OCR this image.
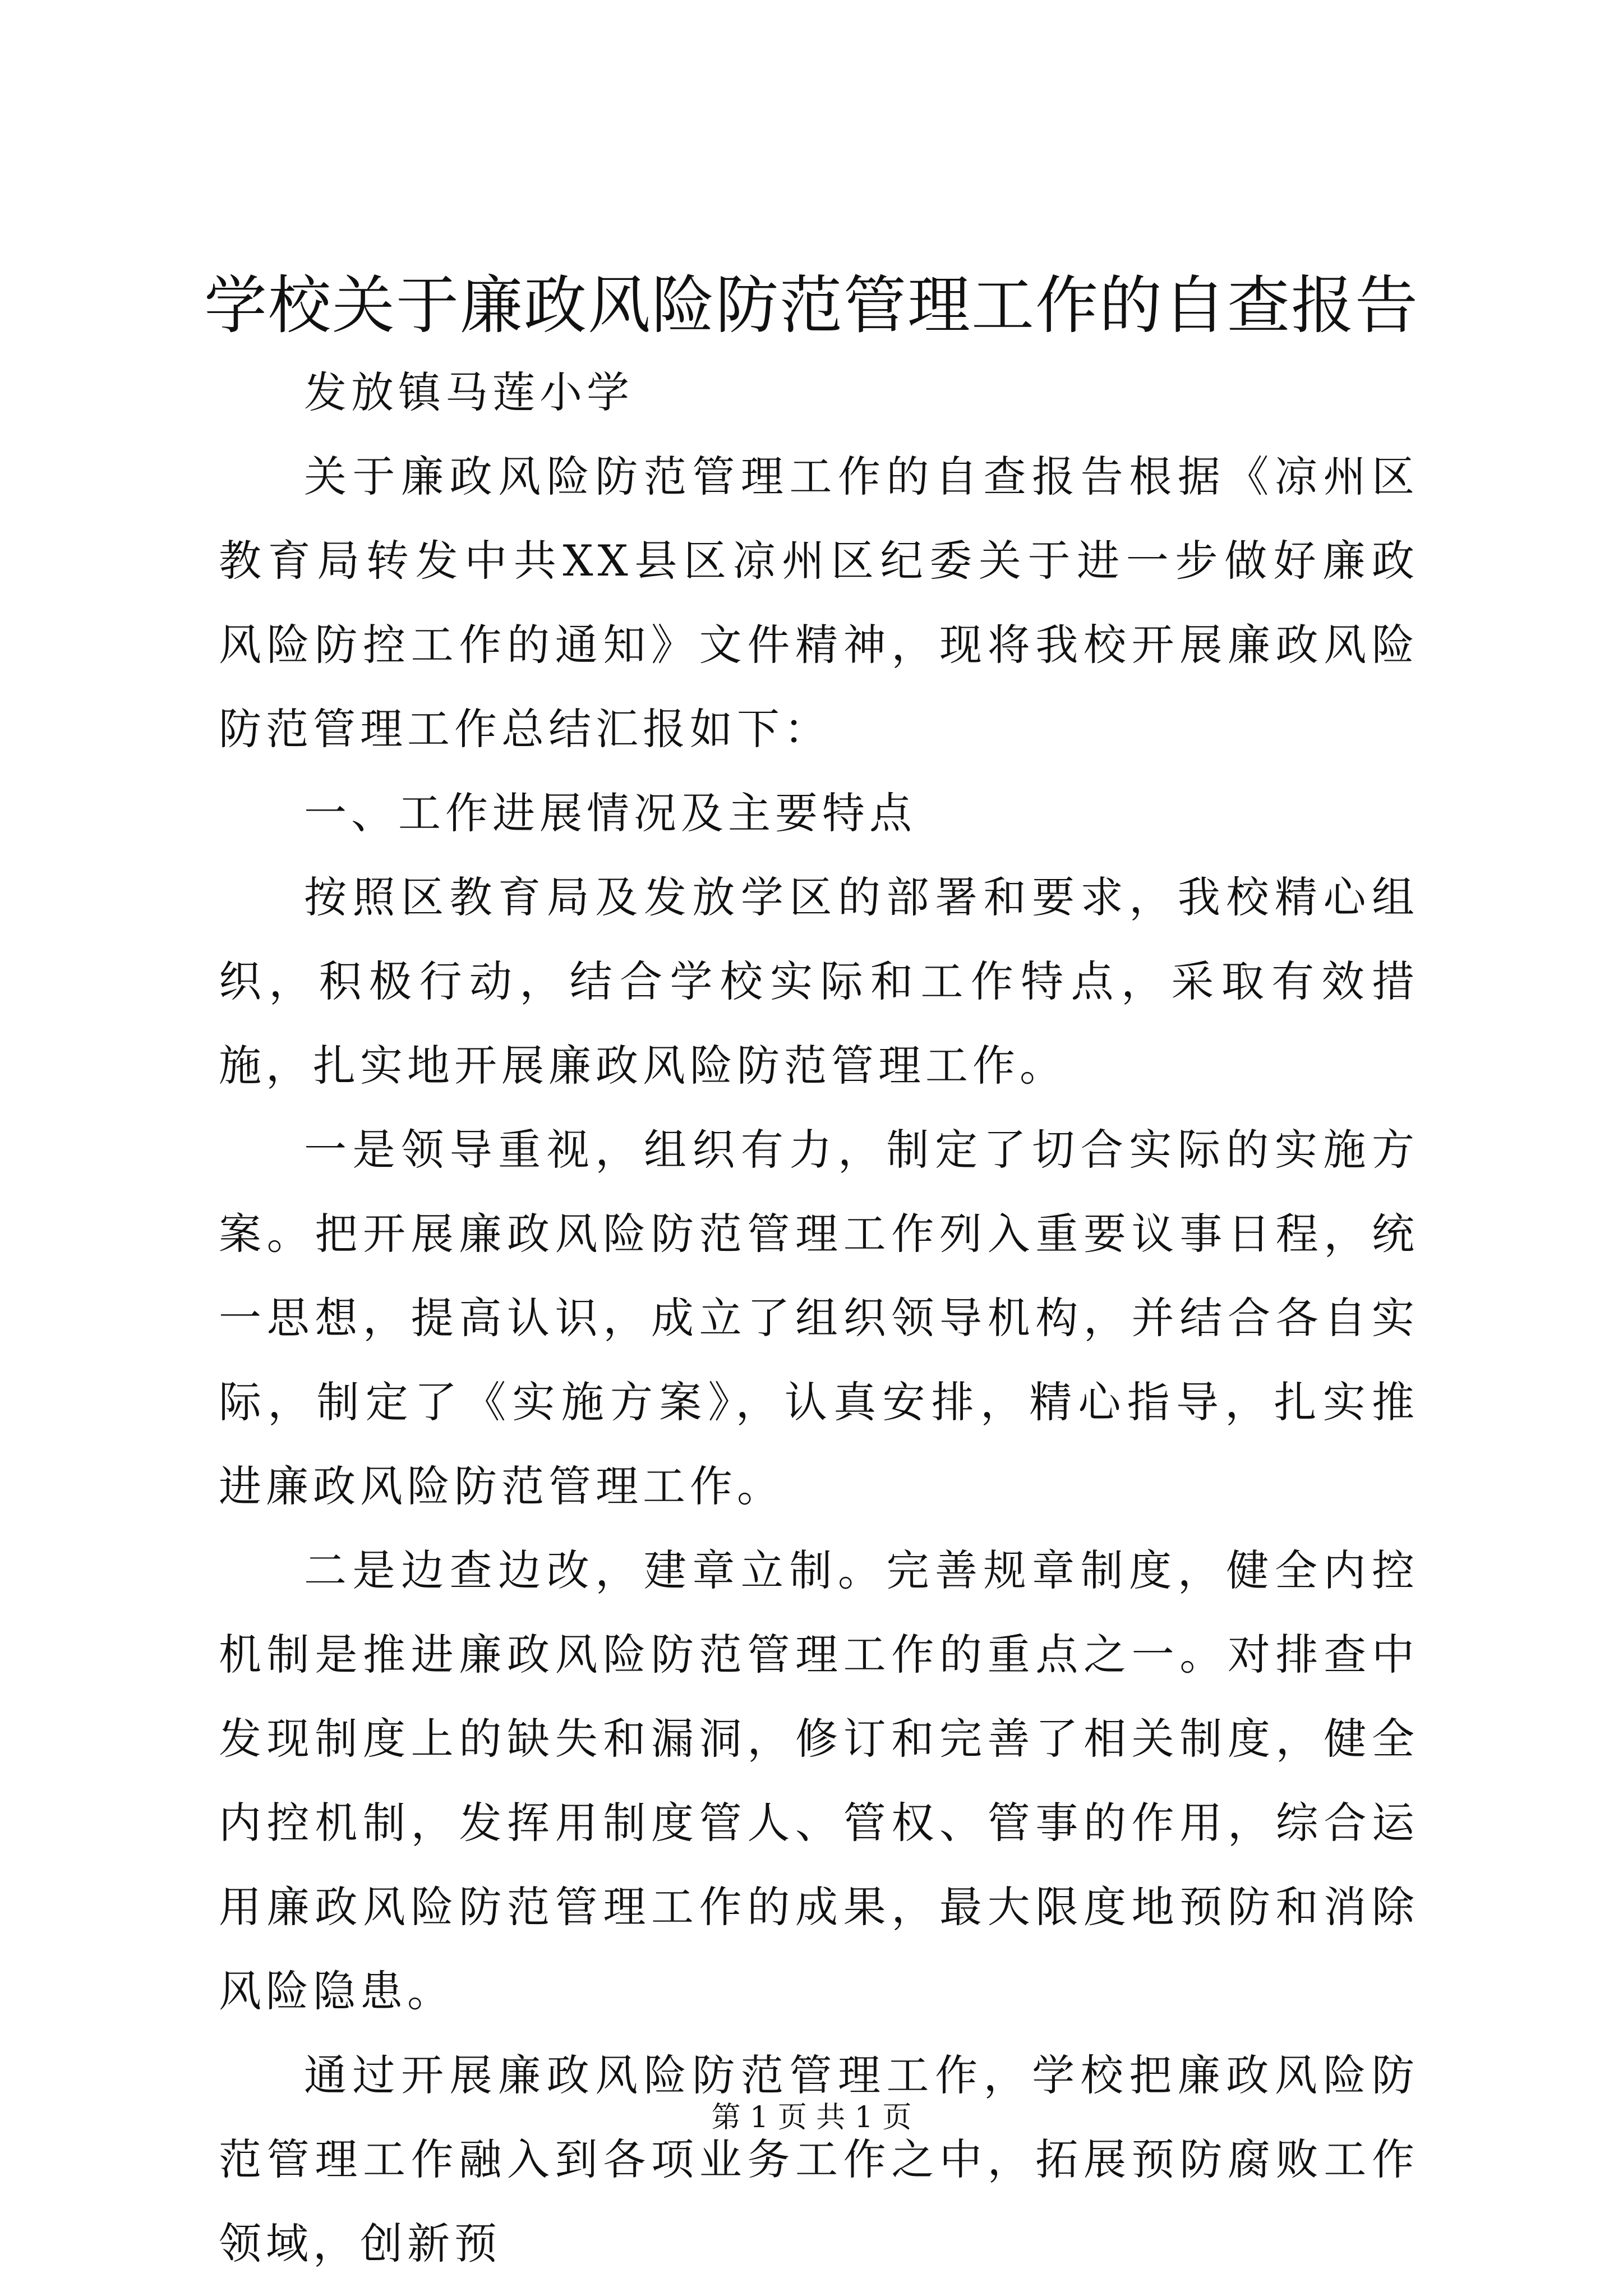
学校关于廉政风险防范管理工作的自查报告

发放镇马莲小学

关于廉政风险防范管理工作的自查报告根据《凉州区教育局转发中共XX县区凉州区纪委关于进一步做好廉政风险防控工作的通知》文件精神，现将我校开展廉政风险防范管理工作总结汇报如下：

一、工作进展情况及主要特点

按照区教育局及发放学区的部署和要求，我校精心组织，积极行动，结合学校实际和工作特点，采取有效措施，扎实地开展廉政风险防范管理工作。

一是领导重视，组织有力，制定了切合实际的实施方案。把开展廉政风险防范管理工作列入重要议事日程，统一思想，提高认识，成立了组织领导机构，并结合各自实际，制定了《实施方案》，认真安排，精心指导，扎实推进廉政风险防范管理工作。

二是边查边改，建章立制。完善规章制度，健全内控机制是推进廉政风险防范管理工作的重点之一。对排查中发现制度上的缺失和漏洞，修订和完善了相关制度，健全内控机制，发挥用制度管人、管权、管事的作用，综合运用廉政风险防范管理工作的成果，最大限度地预防和消除风险隐患。

通过开展廉政风险防范管理工作，学校把廉政风险防范管理工作融入到各项业务工作之中，拓展预防腐败工作领域，创新预

第 1 页 共 1 页
